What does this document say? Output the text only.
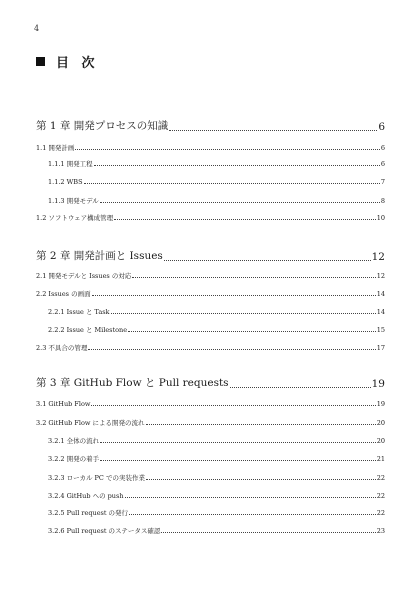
4
目 次
第 1 章 開発プロセスの知識	6
1.1 開発計画	6
1.1.1 開発工程	6
1.1.2 WBS	7
1.1.3 開発モデル	8
1.2 ソフトウェア構成管理	10
第 2 章 開発計画と Issues	12
2.1 開発モデルと Issues の対応	12
2.2 Issues の画面	14
2.2.1 Issue と Task	14
2.2.2 Issue と Milestone	15
2.3 不具合の管理	17
第 3 章 GitHub Flow と Pull requests	19
3.1 GitHub Flow	19
3.2 GitHub Flow による開発の流れ	20
3.2.1 全体の流れ	20
3.2.2 開発の着手	21
3.2.3 ローカル PC での実装作業	22
3.2.4 GitHub への push	22
3.2.5 Pull request の発行	22
3.2.6 Pull request のステータス確認	23
